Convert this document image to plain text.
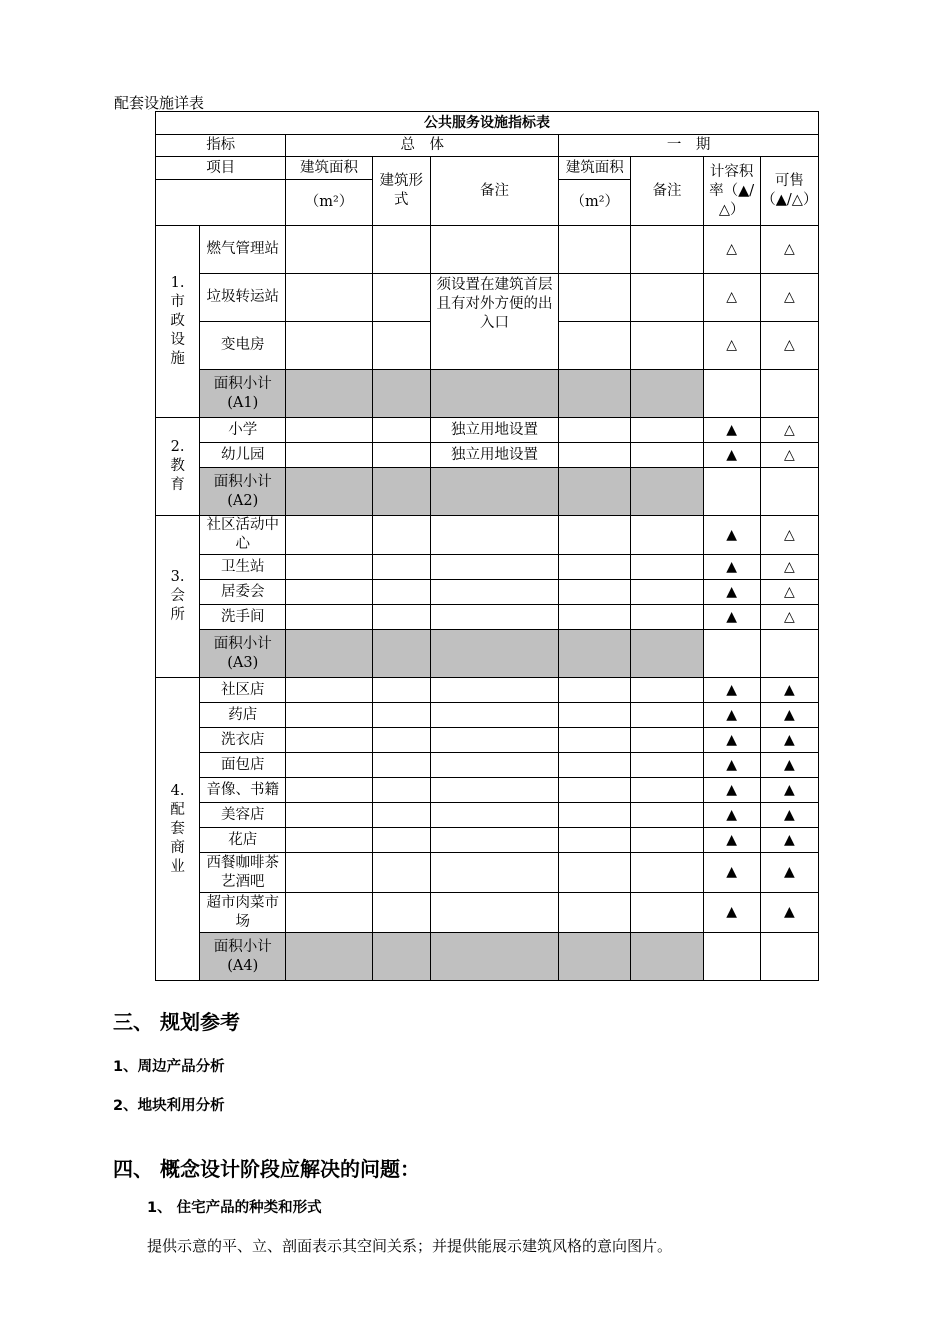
配套设施详表
公共服务设施指标表								
指标		总　体			一　期			
项目		建筑面积	建筑形式	备注	建筑面积	备注	计容积率（▲/△）	可售
（▲/△）

		（m²）			（m²）			
1.市政设施	燃气管理站						△	△

	垃圾转运站			须设置在建筑首层且有对外方便的出入口			△	△

	变电房						△	△

	面积小计(A1)							

2.教育	小学			独立用地设置			▲	△

	幼儿园			独立用地设置			▲	△

	面积小计(A2)							

3.会所	社区活动中心						▲	△

	卫生站						▲	△

	居委会						▲	△

	洗手间						▲	△

	面积小计(A3)							

4.配套商业	社区店						▲	▲

	药店						▲	▲

	洗衣店						▲	▲

	面包店						▲	▲

	音像、书籍						▲	▲

	美容店						▲	▲

	花店						▲	▲

	西餐咖啡茶艺酒吧						▲	▲

	超市肉菜市场						▲	▲

	面积小计(A4)							

三、 规划参考
1、周边产品分析
2、地块利用分析
四、 概念设计阶段应解决的问题：
1、 住宅产品的种类和形式
提供示意的平、立、剖面表示其空间关系；并提供能展示建筑风格的意向图片。
